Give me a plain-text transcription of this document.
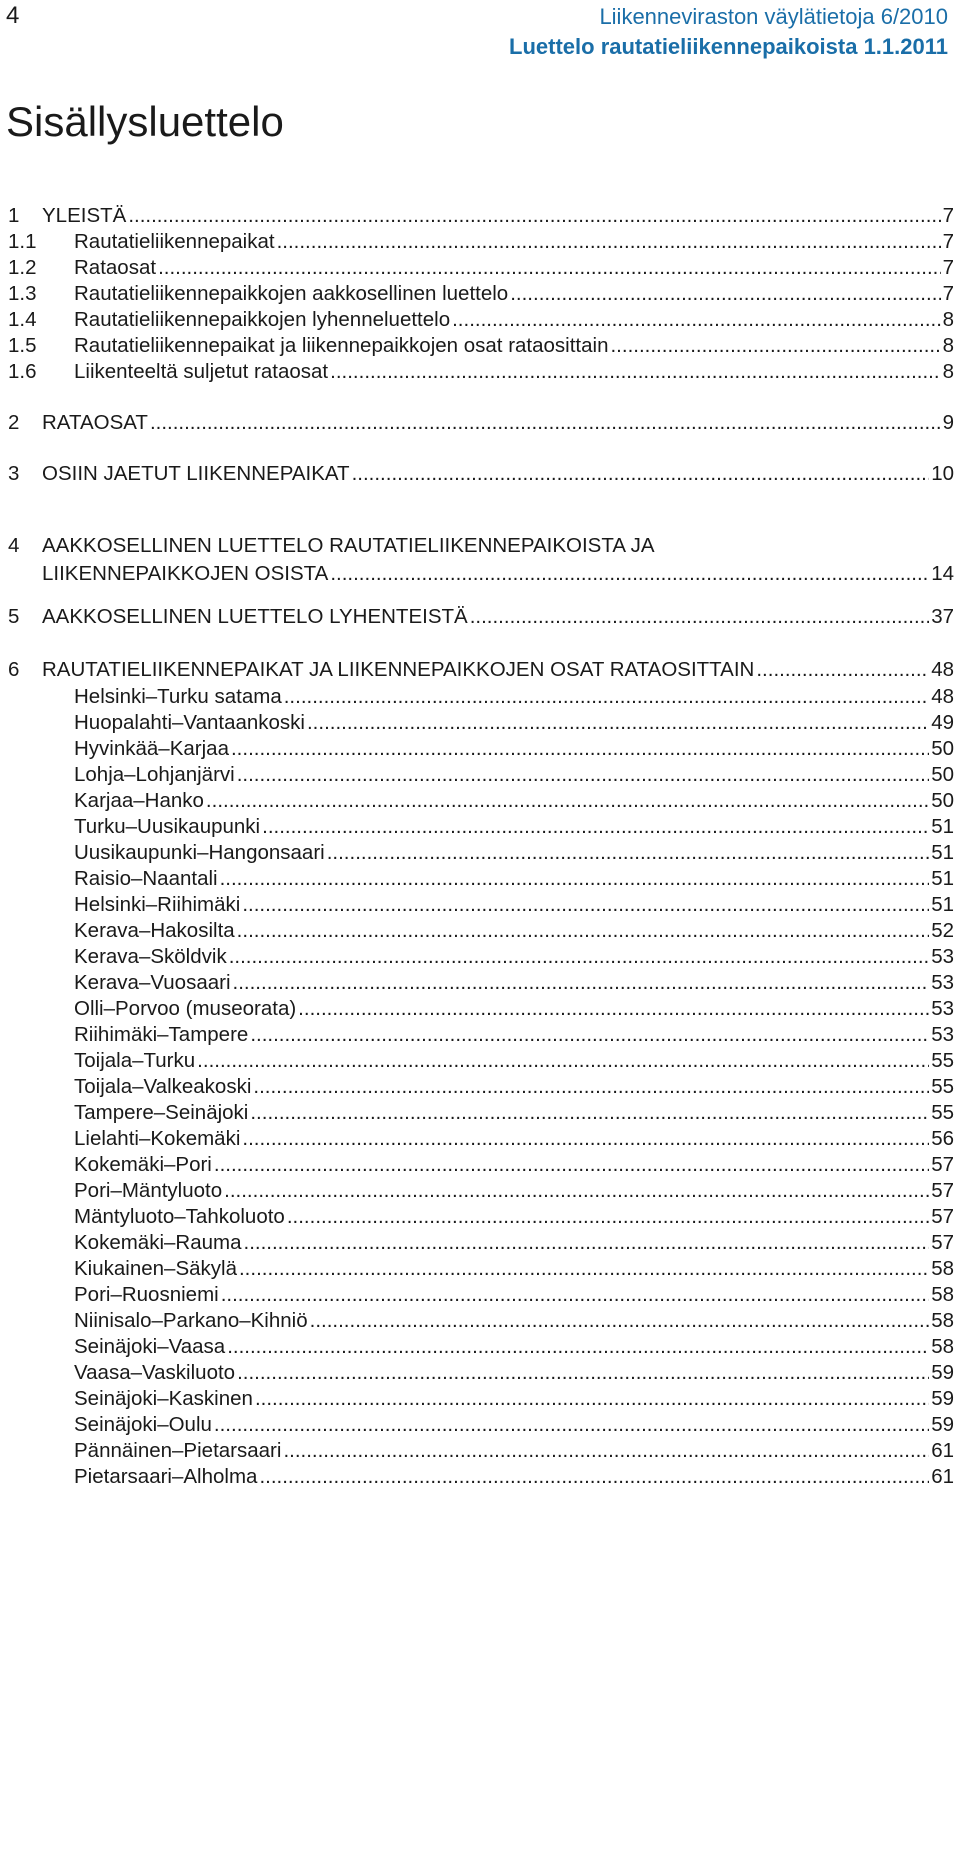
4	Liikenneviraston väylätietoja 6/2010
Luettelo rautatieliikennepaikoista 1.1.2011
Sisällysluettelo
1 YLEISTÄ .....	7
1.1 Rautatieliikennepaikat .....	7
1.2 Rataosat .....	7
1.3 Rautatieliikennepaikkojen aakkosellinen luettelo .....	7
1.4 Rautatieliikennepaikkojen lyhenneluettelo .....	8
1.5 Rautatieliikennepaikat ja liikennepaikkojen osat rataosittain .....	8
1.6 Liikenteeltä suljetut rataosat .....	8
2 RATAOSAT .....	9
3 OSIIN JAETUT LIIKENNEPAIKAT .....	10
4 AAKKOSELLINEN LUETTELO RAUTATIELIIKENNEPAIKOISTA JA
LIIKENNEPAIKKOJEN OSISTA .....	14
5 AAKKOSELLINEN LUETTELO LYHENTEISTÄ .....	37
6 RAUTATIELIIKENNEPAIKAT JA LIIKENNEPAIKKOJEN OSAT RATAOSITTAIN .....	48
Helsinki–Turku satama .....	48
Huopalahti–Vantaankoski .....	49
Hyvinkää–Karjaa .....	50
Lohja–Lohjanjärvi .....	50
Karjaa–Hanko .....	50
Turku–Uusikaupunki .....	51
Uusikaupunki–Hangonsaari .....	51
Raisio–Naantali .....	51
Helsinki–Riihimäki .....	51
Kerava–Hakosilta .....	52
Kerava–Sköldvik .....	53
Kerava–Vuosaari .....	53
Olli–Porvoo (museorata) .....	53
Riihimäki–Tampere .....	53
Toijala–Turku .....	55
Toijala–Valkeakoski .....	55
Tampere–Seinäjoki .....	55
Lielahti–Kokemäki .....	56
Kokemäki–Pori .....	57
Pori–Mäntyluoto .....	57
Mäntyluoto–Tahkoluoto .....	57
Kokemäki–Rauma .....	57
Kiukainen–Säkylä .....	58
Pori–Ruosniemi .....	58
Niinisalo–Parkano–Kihniö .....	58
Seinäjoki–Vaasa .....	58
Vaasa–Vaskiluoto .....	59
Seinäjoki–Kaskinen .....	59
Seinäjoki–Oulu .....	59
Pännäinen–Pietarsaari .....	61
Pietarsaari–Alholma .....	61
